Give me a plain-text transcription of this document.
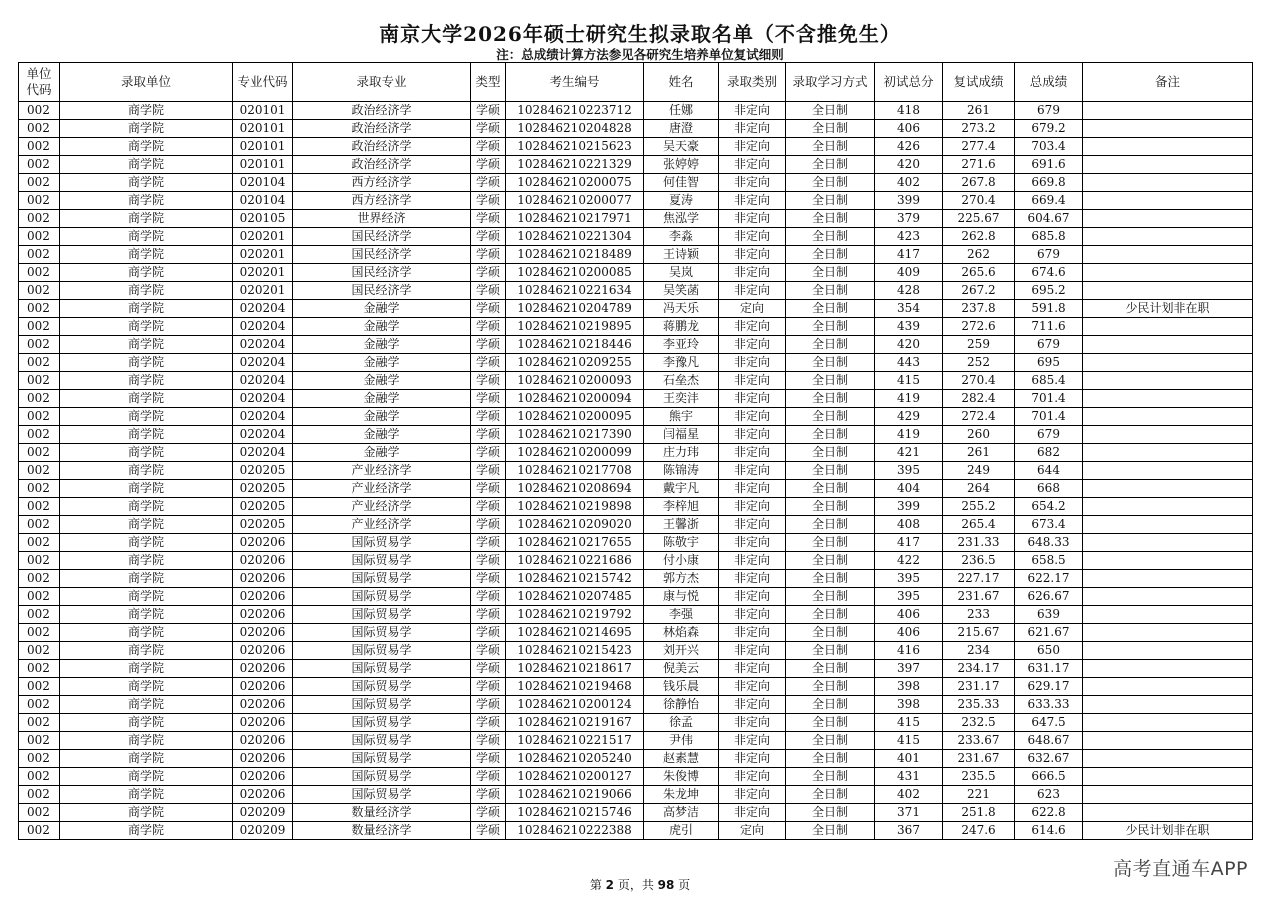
南京大学2026年硕士研究生拟录取名单（不含推免生）
注：总成绩计算方法参见各研究生培养单位复试细则
单位代码	录取单位	专业代码	录取专业	类型	考生编号	姓名	录取类别	录取学习方式	初试总分	复试成绩	总成绩	备注
002	商学院	020101	政治经济学	学硕	102846210223712	任娜	非定向	全日制	418	261	679	
002	商学院	020101	政治经济学	学硕	102846210204828	唐澄	非定向	全日制	406	273.2	679.2	
002	商学院	020101	政治经济学	学硕	102846210215623	吴天豪	非定向	全日制	426	277.4	703.4	
002	商学院	020101	政治经济学	学硕	102846210221329	张婷婷	非定向	全日制	420	271.6	691.6	
002	商学院	020104	西方经济学	学硕	102846210200075	何佳智	非定向	全日制	402	267.8	669.8	
002	商学院	020104	西方经济学	学硕	102846210200077	夏涛	非定向	全日制	399	270.4	669.4	
002	商学院	020105	世界经济	学硕	102846210217971	焦泓学	非定向	全日制	379	225.67	604.67	
002	商学院	020201	国民经济学	学硕	102846210221304	李淼	非定向	全日制	423	262.8	685.8	
002	商学院	020201	国民经济学	学硕	102846210218489	王诗颖	非定向	全日制	417	262	679	
002	商学院	020201	国民经济学	学硕	102846210200085	吴岚	非定向	全日制	409	265.6	674.6	
002	商学院	020201	国民经济学	学硕	102846210221634	吴笑菡	非定向	全日制	428	267.2	695.2	
002	商学院	020204	金融学	学硕	102846210204789	冯天乐	定向	全日制	354	237.8	591.8	少民计划非在职
002	商学院	020204	金融学	学硕	102846210219895	蒋鹏龙	非定向	全日制	439	272.6	711.6	
002	商学院	020204	金融学	学硕	102846210218446	李亚玲	非定向	全日制	420	259	679	
002	商学院	020204	金融学	学硕	102846210209255	李豫凡	非定向	全日制	443	252	695	
002	商学院	020204	金融学	学硕	102846210200093	石垒杰	非定向	全日制	415	270.4	685.4	
002	商学院	020204	金融学	学硕	102846210200094	王奕沣	非定向	全日制	419	282.4	701.4	
002	商学院	020204	金融学	学硕	102846210200095	熊宇	非定向	全日制	429	272.4	701.4	
002	商学院	020204	金融学	学硕	102846210217390	闫福星	非定向	全日制	419	260	679	
002	商学院	020204	金融学	学硕	102846210200099	庄力玮	非定向	全日制	421	261	682	
002	商学院	020205	产业经济学	学硕	102846210217708	陈锦涛	非定向	全日制	395	249	644	
002	商学院	020205	产业经济学	学硕	102846210208694	戴宇凡	非定向	全日制	404	264	668	
002	商学院	020205	产业经济学	学硕	102846210219898	李梓旭	非定向	全日制	399	255.2	654.2	
002	商学院	020205	产业经济学	学硕	102846210209020	王馨浙	非定向	全日制	408	265.4	673.4	
002	商学院	020206	国际贸易学	学硕	102846210217655	陈敬宇	非定向	全日制	417	231.33	648.33	
002	商学院	020206	国际贸易学	学硕	102846210221686	付小康	非定向	全日制	422	236.5	658.5	
002	商学院	020206	国际贸易学	学硕	102846210215742	郭方杰	非定向	全日制	395	227.17	622.17	
002	商学院	020206	国际贸易学	学硕	102846210207485	康与悦	非定向	全日制	395	231.67	626.67	
002	商学院	020206	国际贸易学	学硕	102846210219792	李强	非定向	全日制	406	233	639	
002	商学院	020206	国际贸易学	学硕	102846210214695	林焰森	非定向	全日制	406	215.67	621.67	
002	商学院	020206	国际贸易学	学硕	102846210215423	刘开兴	非定向	全日制	416	234	650	
002	商学院	020206	国际贸易学	学硕	102846210218617	倪美云	非定向	全日制	397	234.17	631.17	
002	商学院	020206	国际贸易学	学硕	102846210219468	钱乐晨	非定向	全日制	398	231.17	629.17	
002	商学院	020206	国际贸易学	学硕	102846210200124	徐静怡	非定向	全日制	398	235.33	633.33	
002	商学院	020206	国际贸易学	学硕	102846210219167	徐孟	非定向	全日制	415	232.5	647.5	
002	商学院	020206	国际贸易学	学硕	102846210221517	尹伟	非定向	全日制	415	233.67	648.67	
002	商学院	020206	国际贸易学	学硕	102846210205240	赵素慧	非定向	全日制	401	231.67	632.67	
002	商学院	020206	国际贸易学	学硕	102846210200127	朱俊博	非定向	全日制	431	235.5	666.5	
002	商学院	020206	国际贸易学	学硕	102846210219066	朱龙坤	非定向	全日制	402	221	623	
002	商学院	020209	数量经济学	学硕	102846210215746	高梦洁	非定向	全日制	371	251.8	622.8	
002	商学院	020209	数量经济学	学硕	102846210222388	虎引	定向	全日制	367	247.6	614.6	少民计划非在职
第 2 页，共 98 页
高考直通车APP
